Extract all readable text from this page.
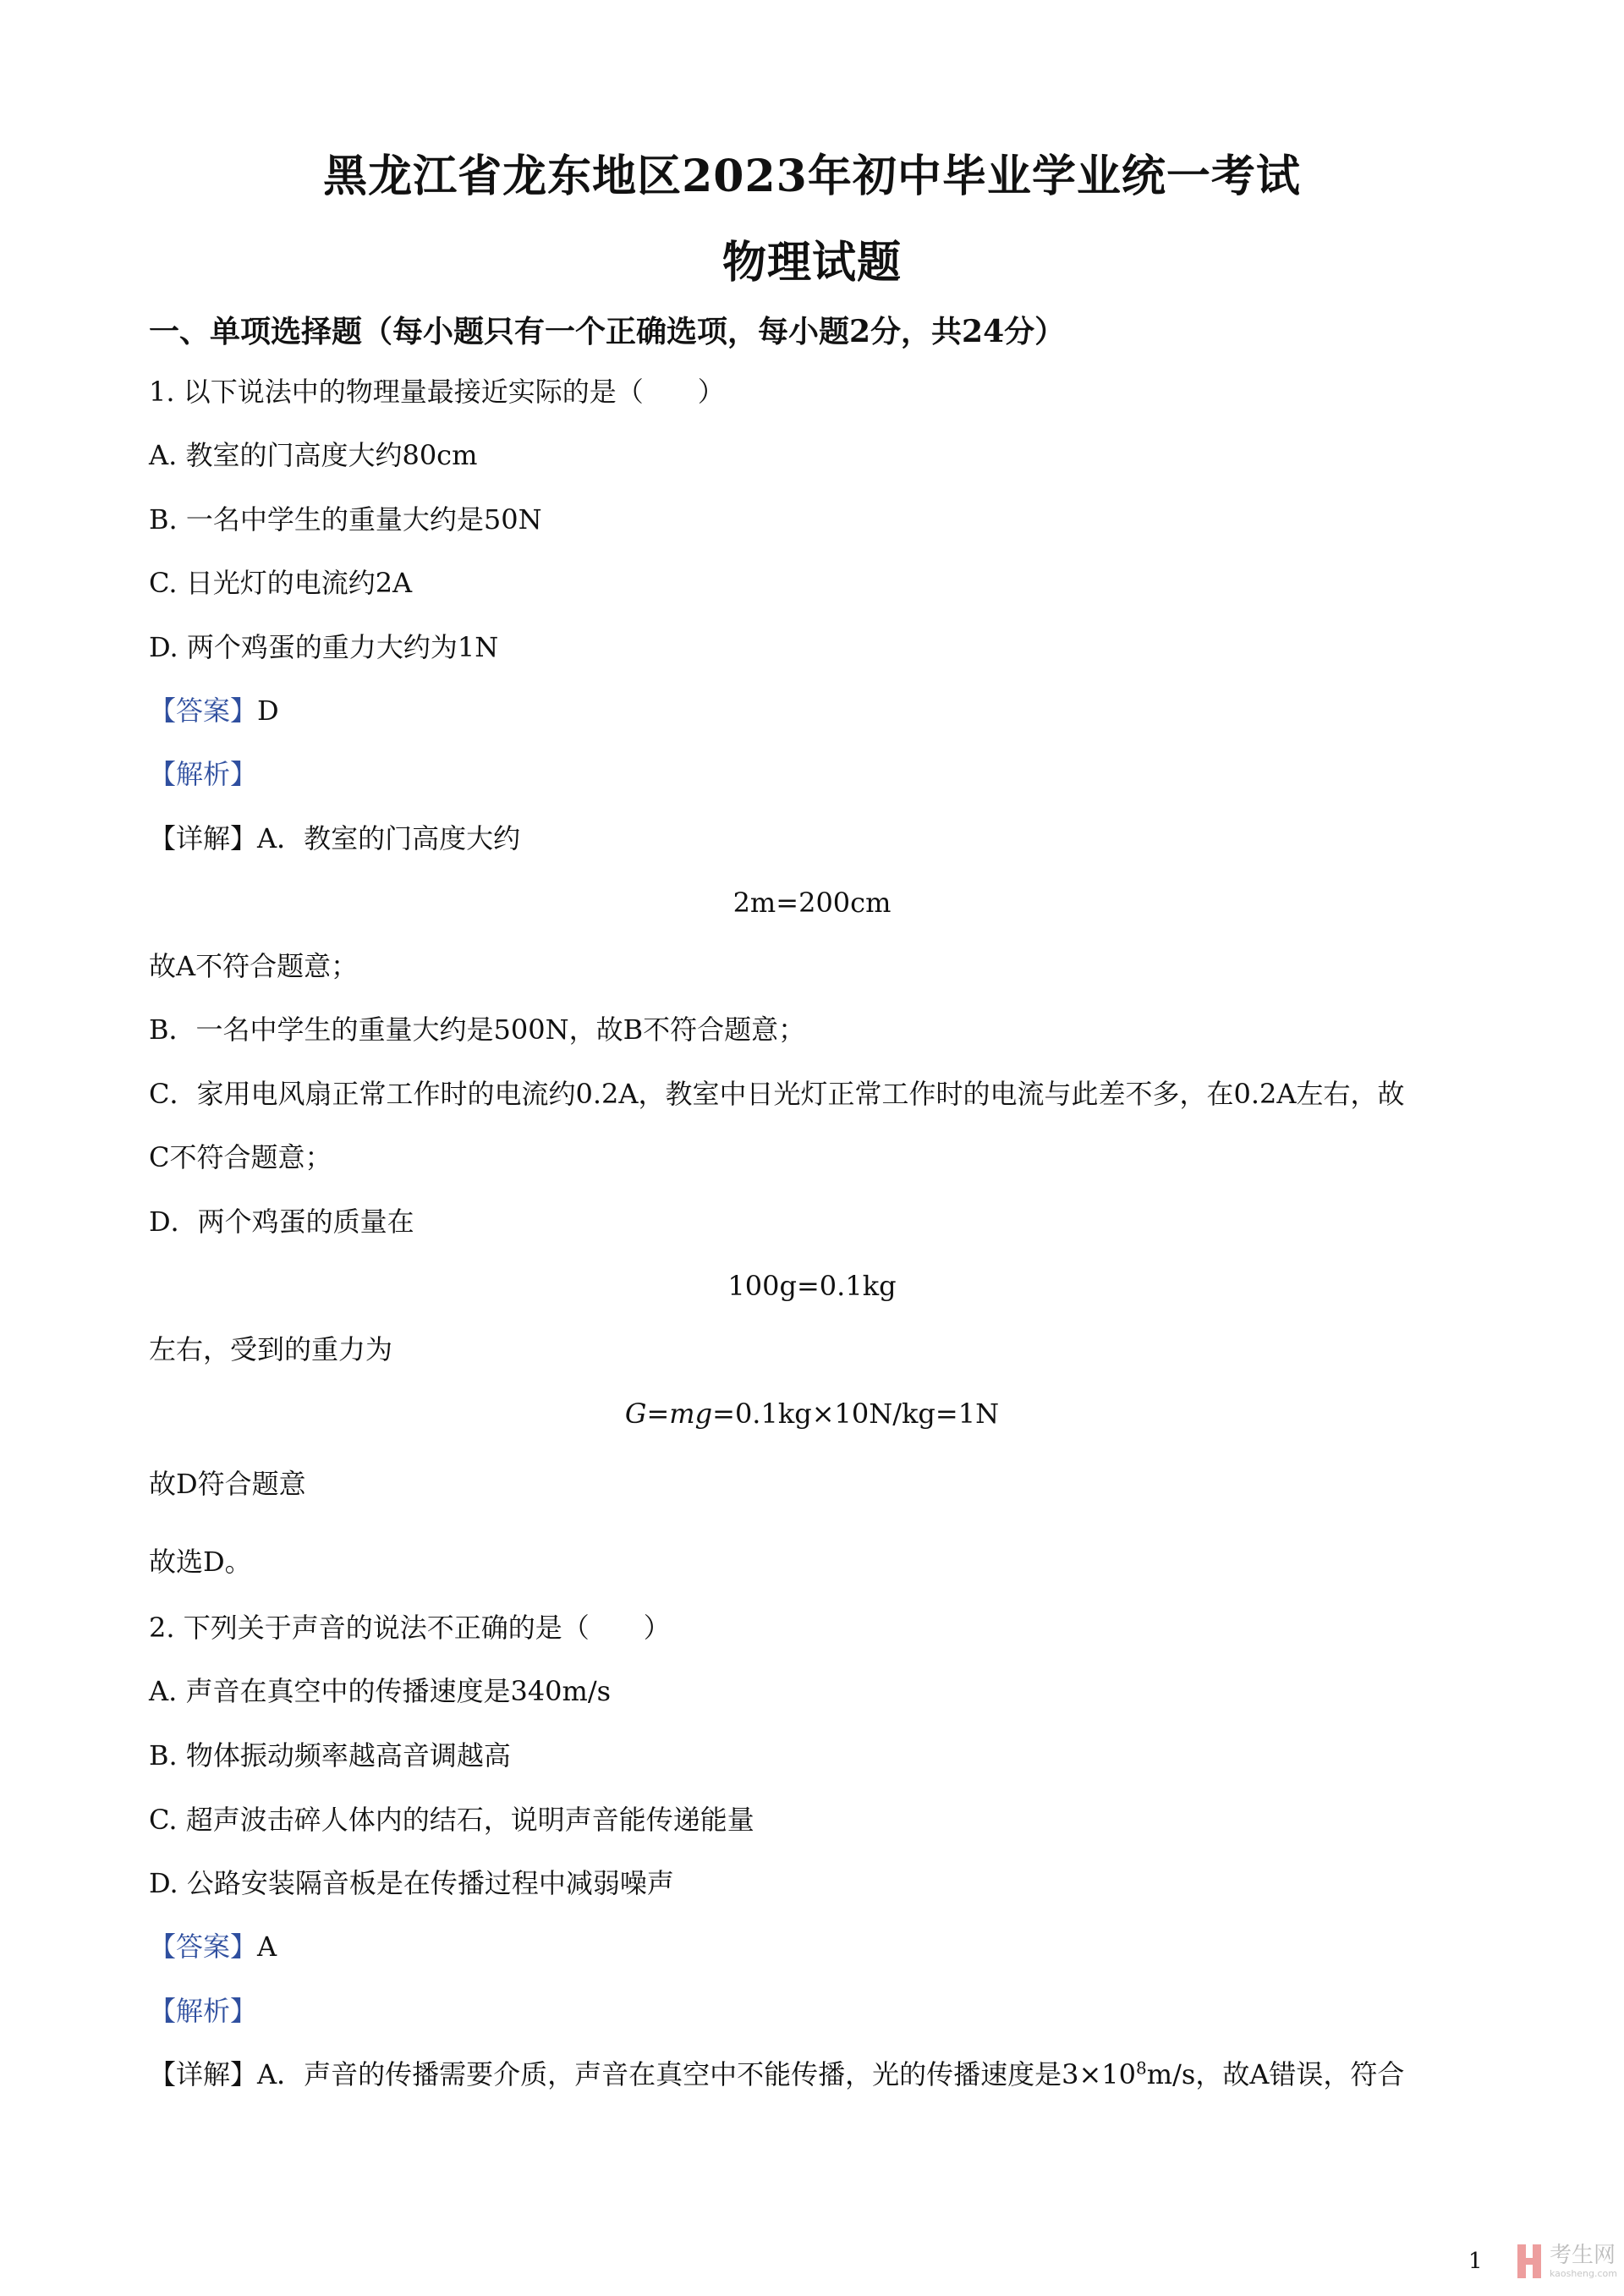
黑龙江省龙东地区2023年初中毕业学业统一考试
物理试题
一、单项选择题（每小题只有一个正确选项，每小题2分，共24分）
1. 以下说法中的物理量最接近实际的是（　　）
A. 教室的门高度大约80cm
B. 一名中学生的重量大约是50N
C. 日光灯的电流约2A
D. 两个鸡蛋的重力大约为1N
【答案】D
【解析】
【详解】A．教室的门高度大约
2m=200cm
故A不符合题意；
B．一名中学生的重量大约是500N，故B不符合题意；
C．家用电风扇正常工作时的电流约0.2A，教室中日光灯正常工作时的电流与此差不多，在0.2A左右，故
C不符合题意；
D．两个鸡蛋的质量在
100g=0.1kg
左右，受到的重力为
G=mg=0.1kg×10N/kg=1N
故D符合题意
故选D。
2. 下列关于声音的说法不正确的是（　　）
A. 声音在真空中的传播速度是340m/s
B. 物体振动频率越高音调越高
C. 超声波击碎人体内的结石，说明声音能传递能量
D. 公路安装隔音板是在传播过程中减弱噪声
【答案】A
【解析】
【详解】A．声音的传播需要介质，声音在真空中不能传播，光的传播速度是$3\times 10^8m/s$，故A错误，符合
1	考生网
kaosheng.com
